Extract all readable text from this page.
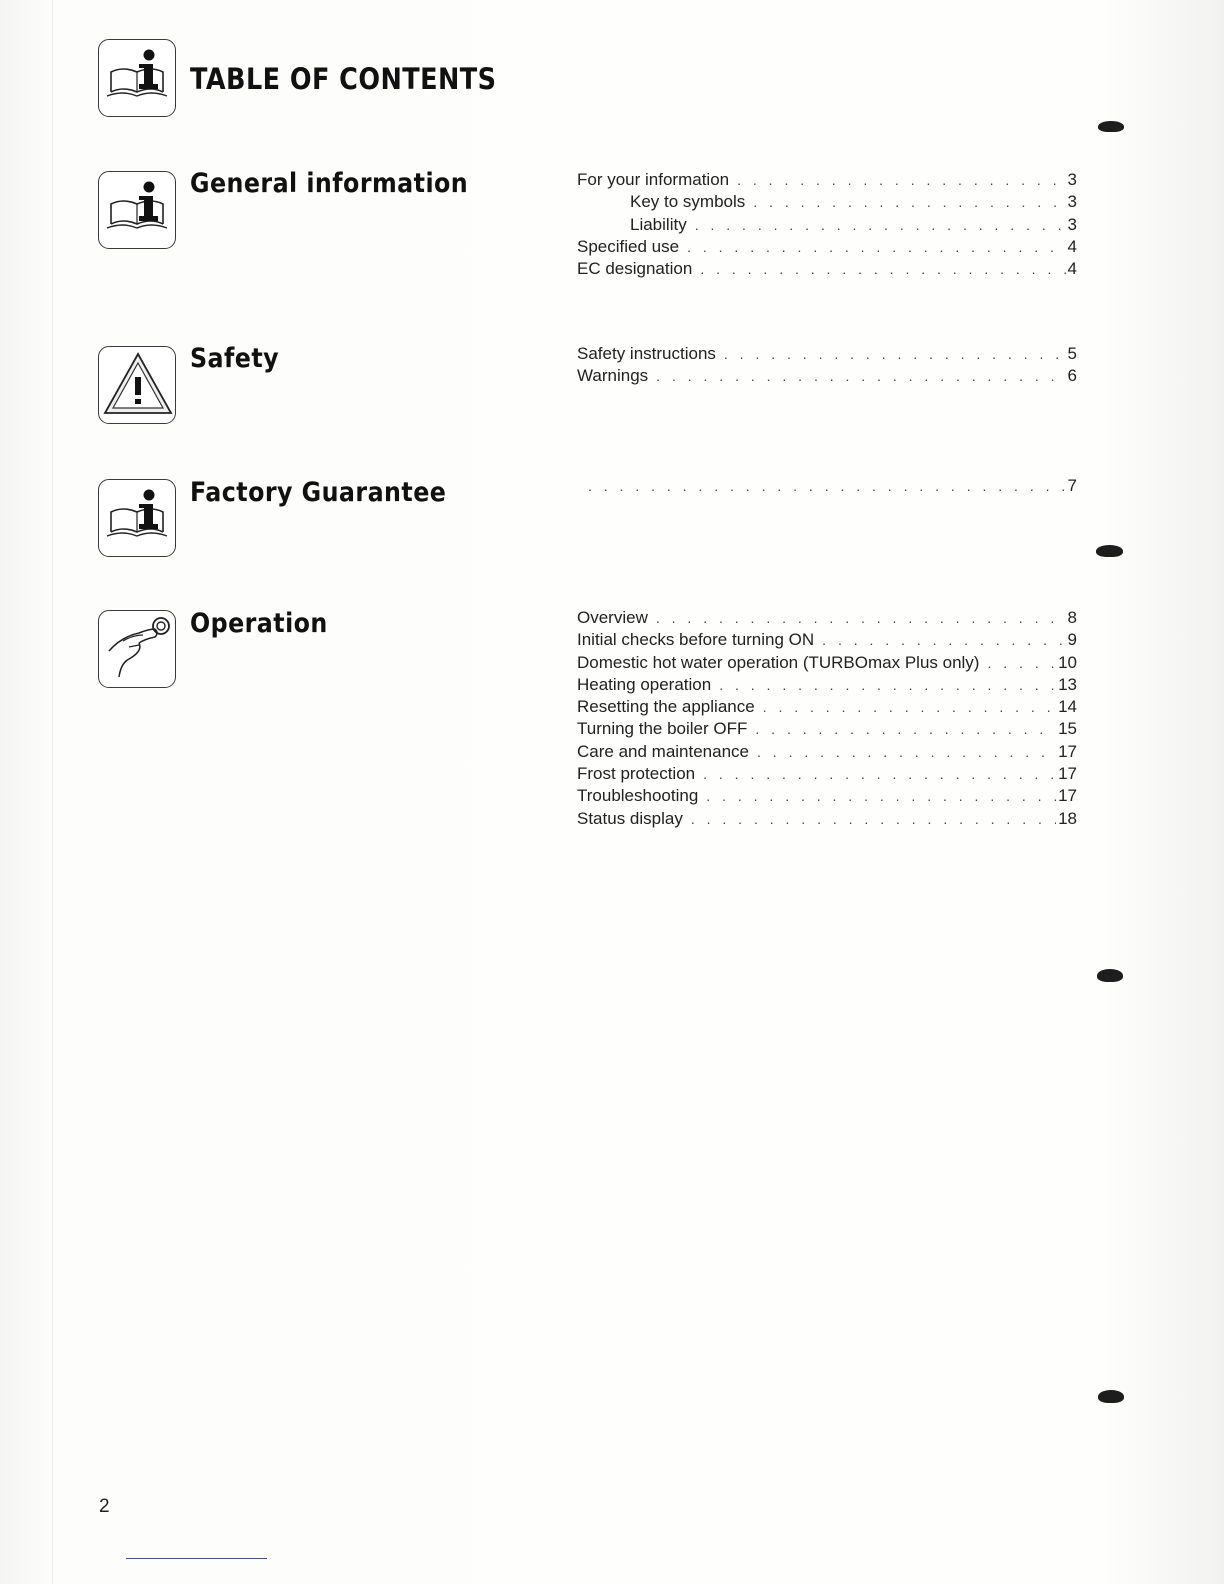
TABLE OF CONTENTS
General information	For your information . . .	3
Key to symbols . . .	3
Liability . . .	3
Specified use . . .	4
EC designation . . .	4
Safety	Safety instructions . . .	5
Warnings . . .	6
Factory Guarantee . . .	7
Operation	Overview . . .	8
Initial checks before turning ON . . .	9
Domestic hot water operation (TURBOmax Plus only) . . .	10
Heating operation . . .	13
Resetting the appliance . . .	14
Turning the boiler OFF . . .	15
Care and maintenance . . .	17
Frost protection . . .	17
Troubleshooting . . .	17
Status display . . .	18
2
